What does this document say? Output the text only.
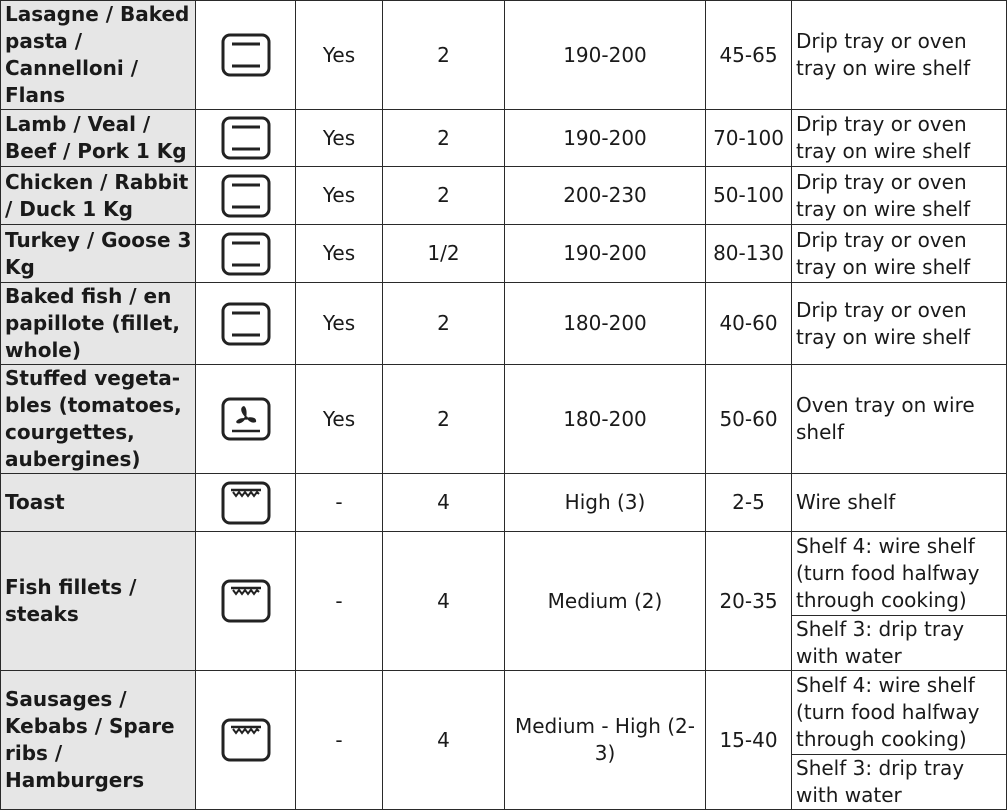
Lasagne / Baked pasta / Cannelloni / Flans		Yes	2	190-200	45-65	Drip tray or oven tray on wire shelf
Lamb / Veal / Beef / Pork 1 Kg		Yes	2	190-200	70-100	Drip tray or oven tray on wire shelf
Chicken / Rabbit / Duck 1 Kg		Yes	2	200-230	50-100	Drip tray or oven tray on wire shelf
Turkey / Goose 3 Kg		Yes	1/2	190-200	80-130	Drip tray or oven tray on wire shelf
Baked fish / en papillote (fillet, whole)		Yes	2	180-200	40-60	Drip tray or oven tray on wire shelf
Stuffed vegeta-bles (tomatoes, courgettes, aubergines)		Yes	2	180-200	50-60	Oven tray on wire shelf
Toast		-	4	High (3)	2-5	Wire shelf
Fish fillets / steaks		-	4	Medium (2)	20-35	Shelf 4: wire shelf (turn food halfway through cooking)
						Shelf 3: drip tray with water
Sausages / Kebabs / Spare ribs / Hamburgers		-	4	Medium - High (2-3)	15-40	Shelf 4: wire shelf (turn food halfway through cooking)
						Shelf 3: drip tray with water
